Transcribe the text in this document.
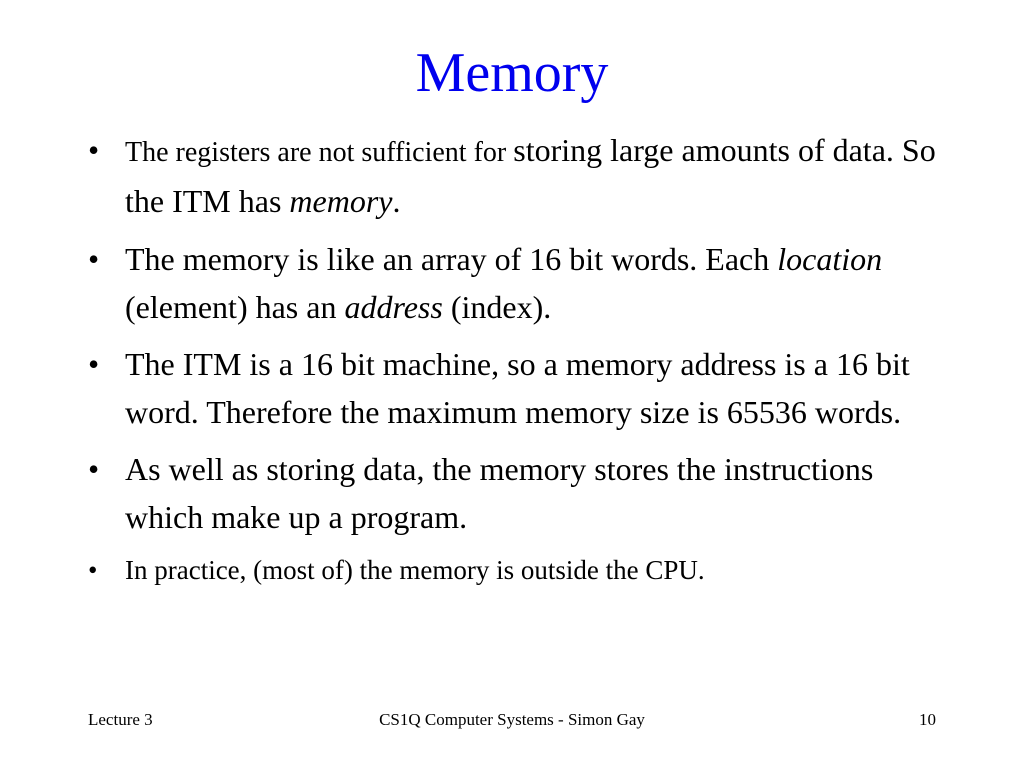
Memory
• The registers are not sufficient for storing large amounts of data. So the ITM has memory.
• The memory is like an array of 16 bit words. Each location (element) has an address (index).
• The ITM is a 16 bit machine, so a memory address is a 16 bit word. Therefore the maximum memory size is 65536 words.
• As well as storing data, the memory stores the instructions which make up a program.
• In practice, (most of) the memory is outside the CPU.
Lecture 3	CS1Q Computer Systems - Simon Gay	10
